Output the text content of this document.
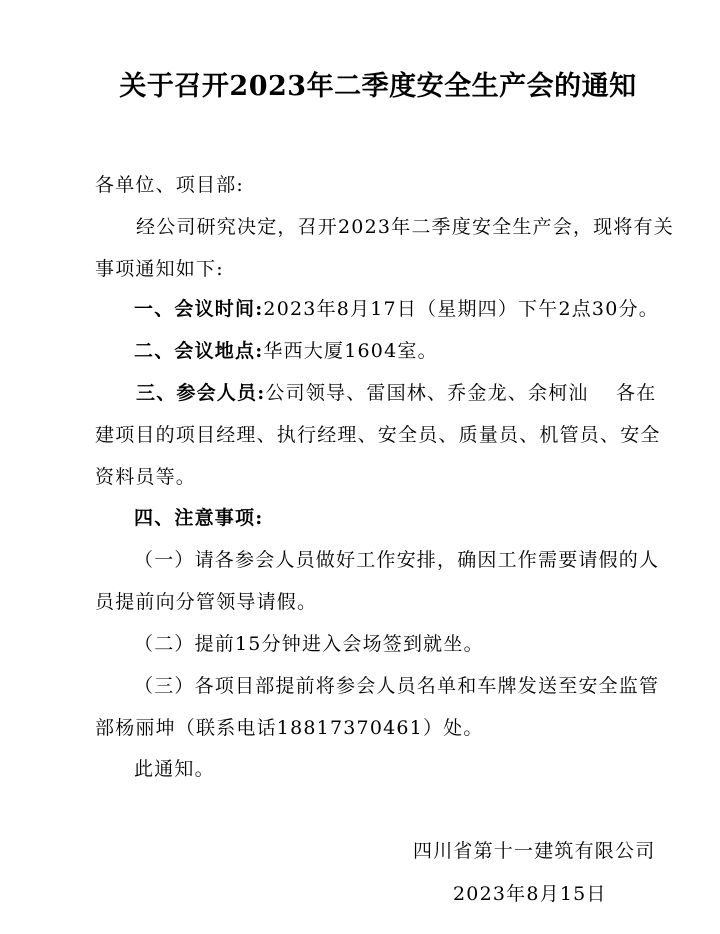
关于召开2023年二季度安全生产会的通知
各单位、项目部:
经公司研究决定，召开2023年二季度安全生产会，现将有关
事项通知如下:
一、会议时间:2023年8月17日（星期四）下午2点30分。
二、会议地点:华西大厦1604室。
三、参会人员:公司领导、雷国林、乔金龙、余柯汕　 各在
建项目的项目经理、执行经理、安全员、质量员、机管员、安全
资料员等。
四、注意事项:
（一）请各参会人员做好工作安排，确因工作需要请假的人
员提前向分管领导请假。
（二）提前15分钟进入会场签到就坐。
（三）各项目部提前将参会人员名单和车牌发送至安全监管
部杨丽坤（联系电话18817370461）处。
此通知。
四川省第十一建筑有限公司
2023年8月15日
